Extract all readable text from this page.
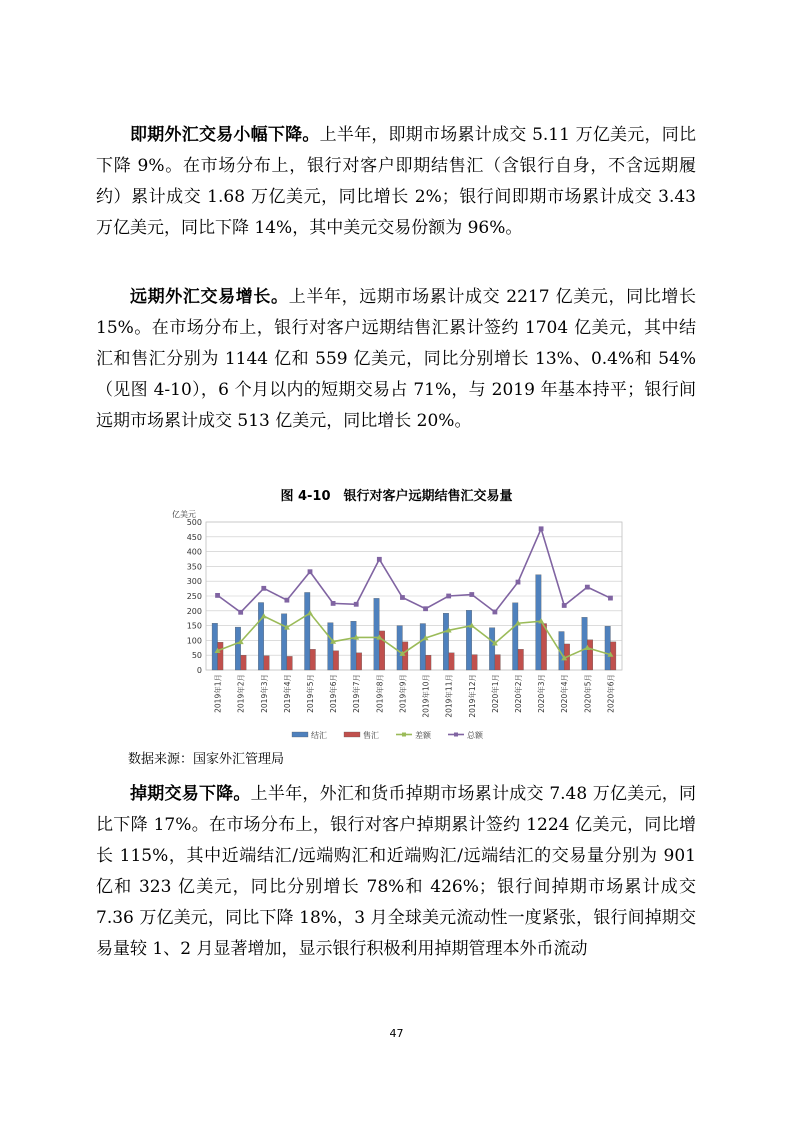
即期外汇交易小幅下降。上半年，即期市场累计成交 5.11 万亿美元，同比下降 9%。在市场分布上，银行对客户即期结售汇（含银行自身，不含远期履约）累计成交 1.68 万亿美元，同比增长 2%；银行间即期市场累计成交 3.43 万亿美元，同比下降 14%，其中美元交易份额为 96%。

远期外汇交易增长。上半年，远期市场累计成交 2217 亿美元，同比增长 15%。在市场分布上，银行对客户远期结售汇累计签约 1704 亿美元，其中结汇和售汇分别为 1144 亿和 559 亿美元，同比分别增长 13%、0.4%和 54%（见图 4-10），6 个月以内的短期交易占 71%，与 2019 年基本持平；银行间远期市场累计成交 513 亿美元，同比增长 20%。

图 4-10　银行对客户远期结售汇交易量
0
50
100
150
200
250
300
350
400
450
500
亿美元
2019年1月 2019年2月 2019年3月 2019年4月 2019年5月 2019年6月 2019年7月 2019年8月 2019年9月 2019年10月 2019年11月 2019年12月 2020年1月 2020年2月 2020年3月 2020年4月 2020年5月 2020年6月
结汇	售汇	差额	总额
数据来源：国家外汇管理局

掉期交易下降。上半年，外汇和货币掉期市场累计成交 7.48 万亿美元，同比下降 17%。在市场分布上，银行对客户掉期累计签约 1224 亿美元，同比增长 115%，其中近端结汇/远端购汇和近端购汇/远端结汇的交易量分别为 901 亿和 323 亿美元，同比分别增长 78%和 426%；银行间掉期市场累计成交 7.36 万亿美元，同比下降 18%，3 月全球美元流动性一度紧张，银行间掉期交易量较 1、2 月显著增加，显示银行积极利用掉期管理本外币流动

47
